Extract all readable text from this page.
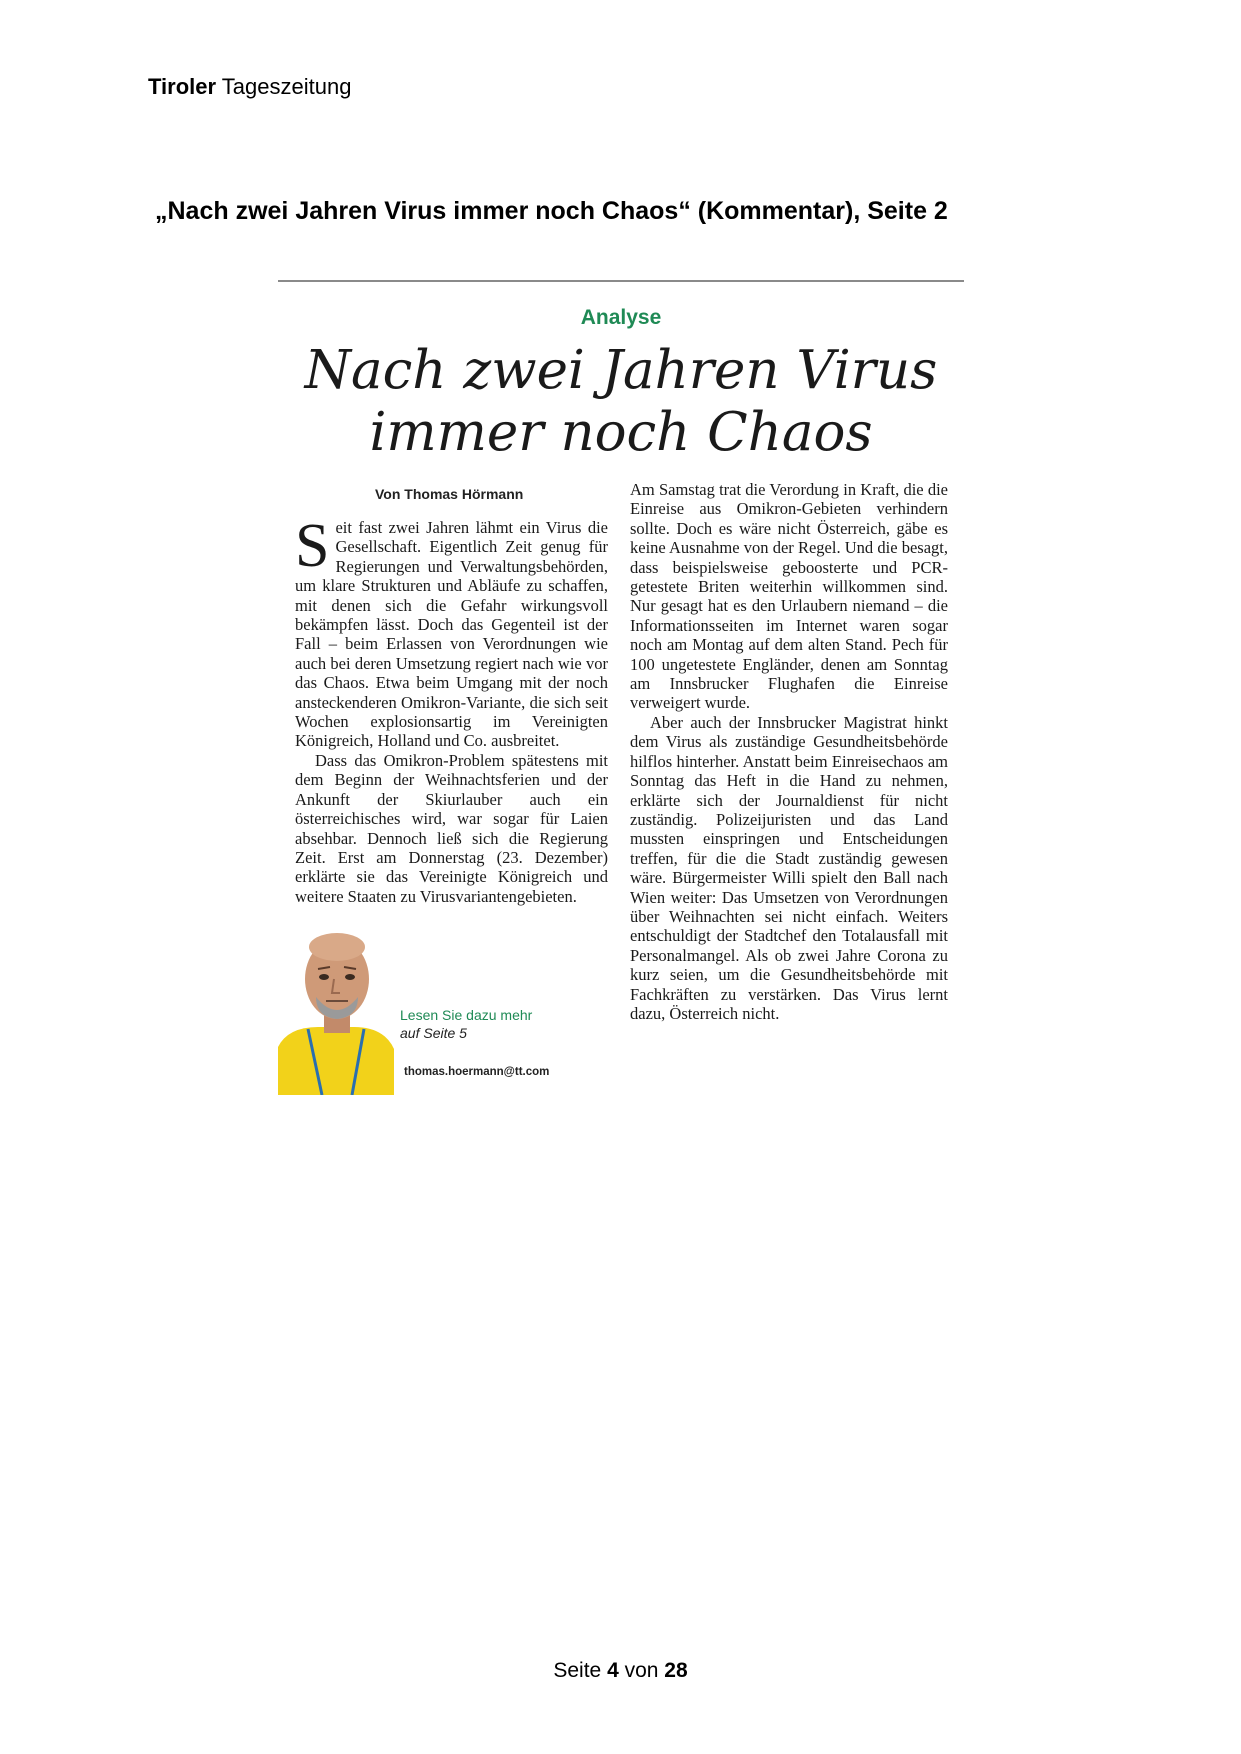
Tiroler Tageszeitung
„Nach zwei Jahren Virus immer noch Chaos“ (Kommentar), Seite 2
Analyse
Nach zwei Jahren Virus
immer noch Chaos
Von Thomas Hörmann

Seit fast zwei Jahren lähmt ein Virus die Gesellschaft. Eigentlich Zeit genug für Regierungen und Verwaltungsbehörden, um klare Strukturen und Abläufe zu schaffen, mit denen sich die Gefahr wirkungsvoll bekämpfen lässt. Doch das Gegenteil ist der Fall – beim Erlassen von Verordnungen wie auch bei deren Umsetzung regiert nach wie vor das Chaos. Etwa beim Umgang mit der noch ansteckenderen Omikron-Variante, die sich seit Wochen explosionsartig im Vereinigten Königreich, Holland und Co. ausbreitet.

Dass das Omikron-Problem spätestens mit dem Beginn der Weihnachtsferien und der Ankunft der Skiurlauber auch ein österreichisches wird, war sogar für Laien absehbar. Dennoch ließ sich die Regierung Zeit. Erst am Donnerstag (23. Dezember) erklärte sie das Vereinigte Königreich und weitere Staaten zu Virusvariantengebieten.

Am Samstag trat die Verordung in Kraft, die die Einreise aus Omikron-Gebieten verhindern sollte. Doch es wäre nicht Österreich, gäbe es keine Ausnahme von der Regel. Und die besagt, dass beispielsweise geboosterte und PCR-getestete Briten weiterhin willkommen sind. Nur gesagt hat es den Urlaubern niemand – die Informationsseiten im Internet waren sogar noch am Montag auf dem alten Stand. Pech für 100 ungetestete Engländer, denen am Sonntag am Innsbrucker Flughafen die Einreise verweigert wurde.

Aber auch der Innsbrucker Magistrat hinkt dem Virus als zuständige Gesundheitsbehörde hilflos hinterher. Anstatt beim Einreisechaos am Sonntag das Heft in die Hand zu nehmen, erklärte sich der Journaldienst für nicht zuständig. Polizeijuristen und das Land mussten einspringen und Entscheidungen treffen, für die die Stadt zuständig gewesen wäre. Bürgermeister Willi spielt den Ball nach Wien weiter: Das Umsetzen von Verordnungen über Weihnachten sei nicht einfach. Weiters entschuldigt der Stadtchef den Totalausfall mit Personalmangel. Als ob zwei Jahre Corona zu kurz seien, um die Gesundheitsbehörde mit Fachkräften zu verstärken. Das Virus lernt dazu, Österreich nicht.

Lesen Sie dazu mehr
auf Seite 5
thomas.hoermann@tt.com
Seite 4 von 28
